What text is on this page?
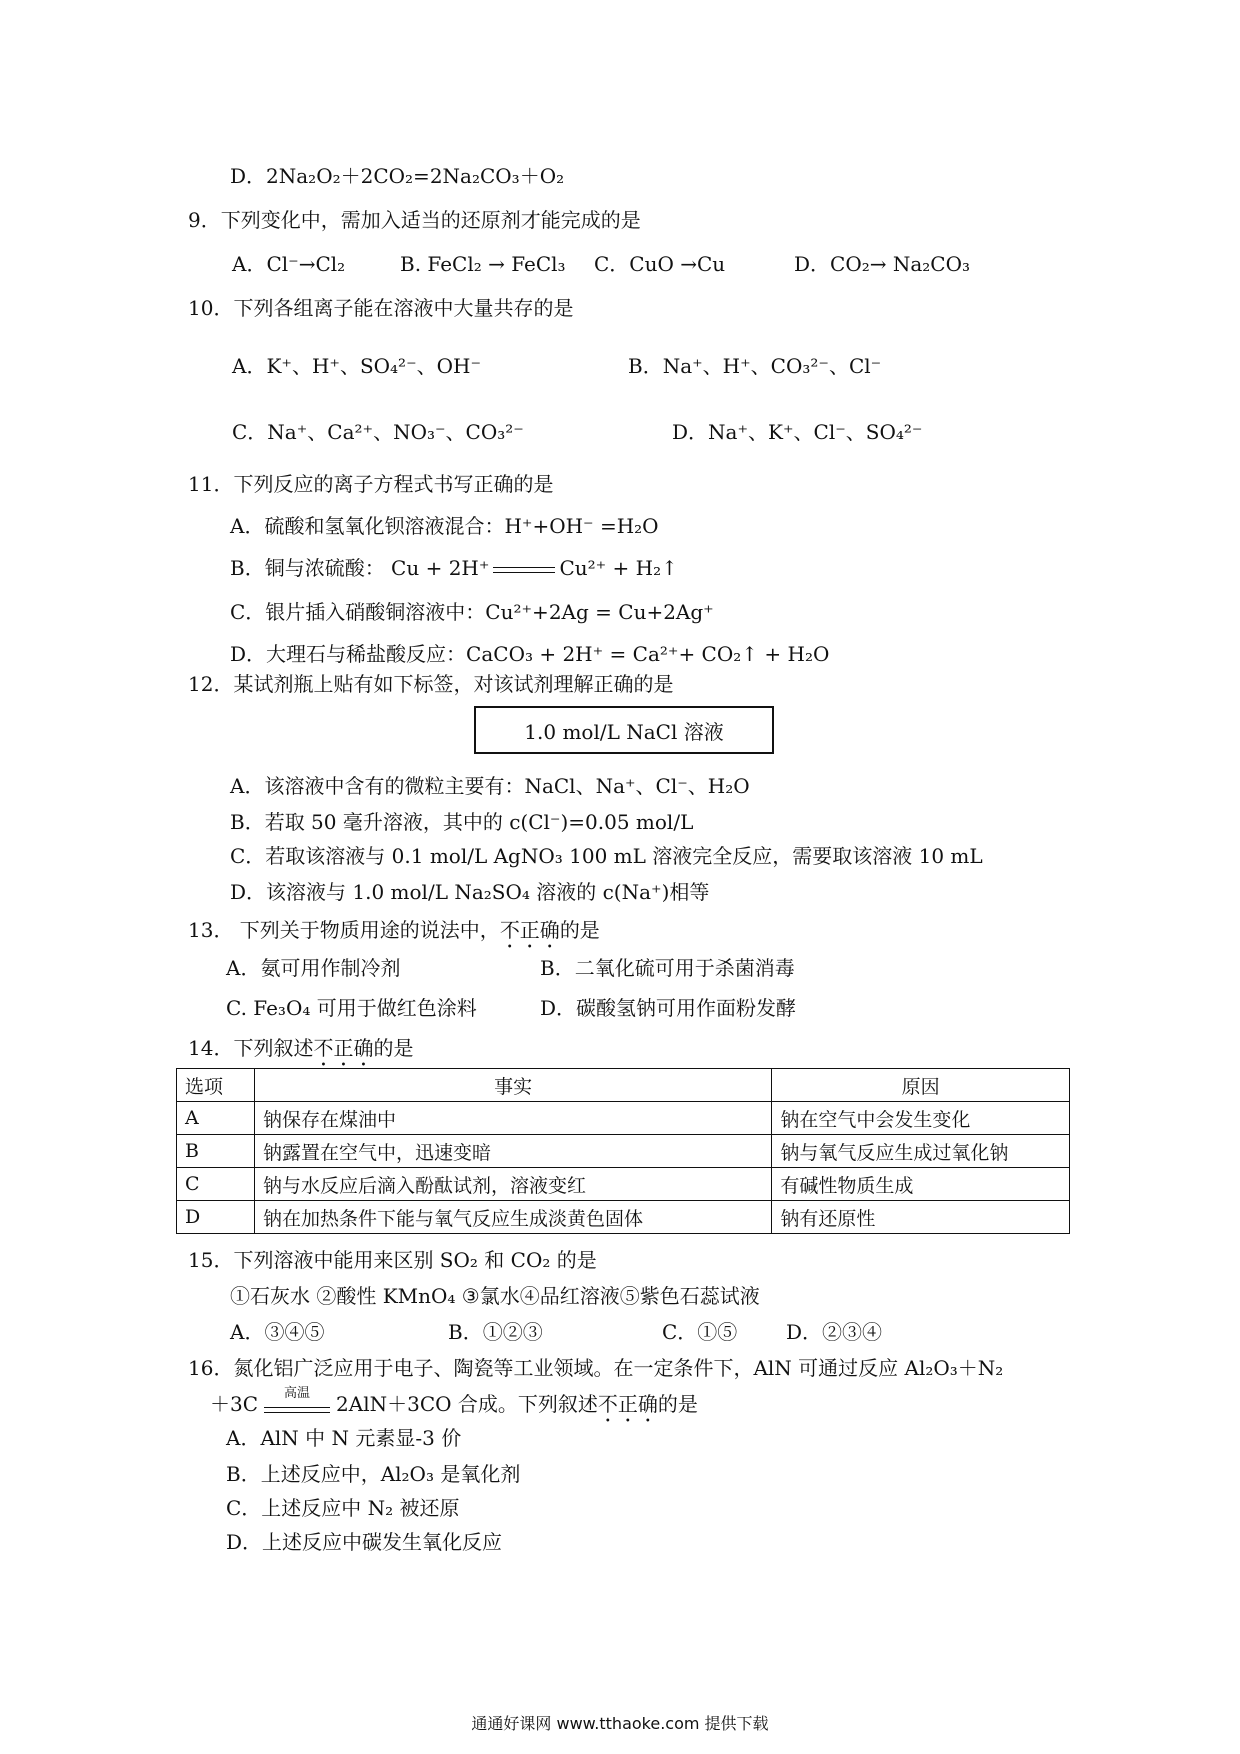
D．2Na₂O₂＋2CO₂=2Na₂CO₃＋O₂
9．下列变化中，需加入适当的还原剂才能完成的是
A．Cl⁻→Cl₂	B. FeCl₂ → FeCl₃ C．CuO →Cu	D．CO₂→ Na₂CO₃
10．下列各组离子能在溶液中大量共存的是
A．K⁺、H⁺、SO₄²⁻、OH⁻	B．Na⁺、H⁺、CO₃²⁻、Cl⁻
C．Na⁺、Ca²⁺、NO₃⁻、CO₃²⁻	D．Na⁺、K⁺、Cl⁻、SO₄²⁻
11．下列反应的离子方程式书写正确的是
A．硫酸和氢氧化钡溶液混合：H⁺+OH⁻ =H₂O
B．铜与浓硫酸： Cu + 2H⁺	Cu²⁺ + H₂↑
C．银片插入硝酸铜溶液中：Cu²⁺+2Ag = Cu+2Ag⁺
D．大理石与稀盐酸反应：CaCO₃ + 2H⁺ = Ca²⁺+ CO₂↑ + H₂O
12．某试剂瓶上贴有如下标签，对该试剂理解正确的是
1.0 mol/L NaCl 溶液
A．该溶液中含有的微粒主要有：NaCl、Na⁺、Cl⁻、H₂O
B．若取 50 毫升溶液，其中的 c(Cl⁻)=0.05 mol/L
C．若取该溶液与 0.1 mol/L AgNO₃ 100 mL 溶液完全反应，需要取该溶液 10 mL
D．该溶液与 1.0 mol/L Na₂SO₄ 溶液的 c(Na⁺)相等
13． 下列关于物质用途的说法中，不正确的是
A．氨可用作制冷剂	B．二氧化硫可用于杀菌消毒
C. Fe₃O₄ 可用于做红色涂料	D．碳酸氢钠可用作面粉发酵
14．下列叙述不正确的是
选项	事实	原因
A	钠保存在煤油中	钠在空气中会发生变化
B	钠露置在空气中，迅速变暗	钠与氧气反应生成过氧化钠
C	钠与水反应后滴入酚酞试剂，溶液变红	有碱性物质生成
D	钠在加热条件下能与氧气反应生成淡黄色固体	钠有还原性
15．下列溶液中能用来区别 SO₂ 和 CO₂ 的是
①石灰水 ②酸性 KMnO₄ ③氯水④品红溶液⑤紫色石蕊试液
A．③④⑤	B．①②③	C．①⑤ D．②③④
16．氮化铝广泛应用于电子、陶瓷等工业领域。在一定条件下，AlN 可通过反应 Al₂O₃＋N₂
＋3C	高温	2AlN＋3CO 合成。下列叙述不正确的是
A．AlN 中 N 元素显-3 价
B．上述反应中，Al₂O₃ 是氧化剂
C．上述反应中 N₂ 被还原
D．上述反应中碳发生氧化反应
通通好课网 www.tthaoke.com 提供下载
